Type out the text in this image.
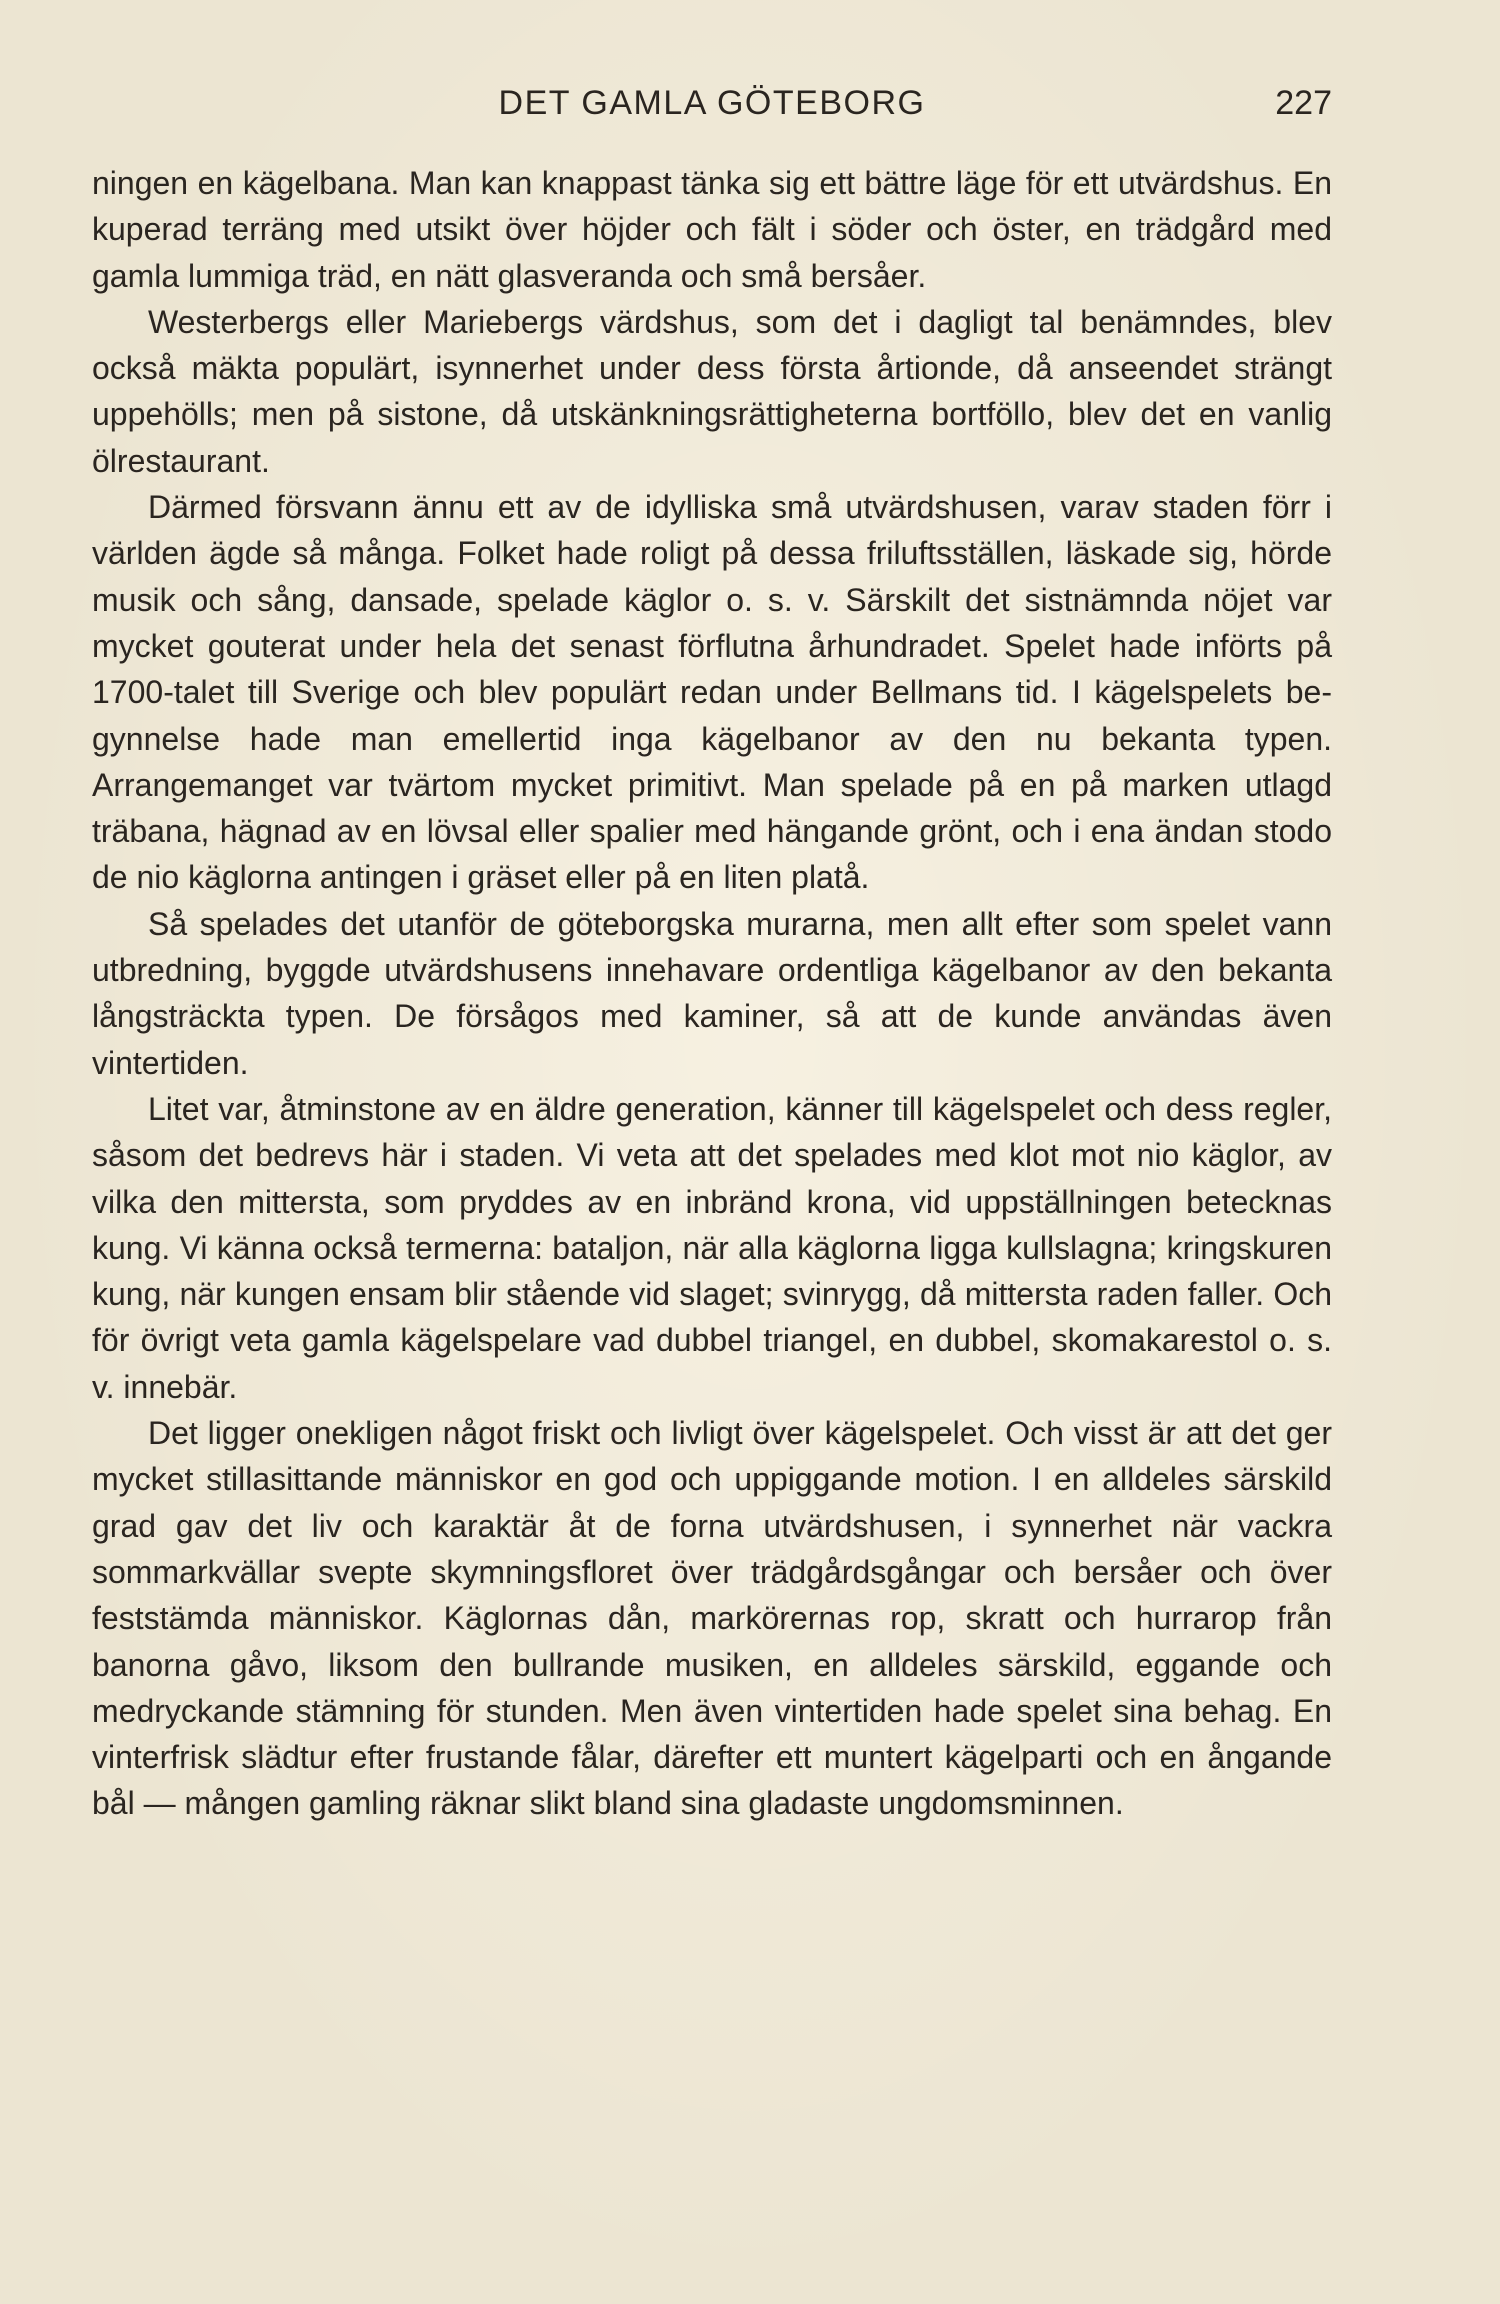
DET GAMLA GÖTEBORG	227

ningen en kägelbana. Man kan knappast tänka sig ett bättre läge för ett utvärdshus. En kuperad terräng med utsikt över höjder och fält i söder och öster, en trädgård med gamla lummiga träd, en nätt glasveranda och små bersåer.

Westerbergs eller Mariebergs värdshus, som det i dagligt tal benämndes, blev också mäkta populärt, isynnerhet under dess första årtionde, då anseendet strängt uppehölls; men på sistone, då utskänkningsrättigheterna bortföllo, blev det en vanlig ölrestaurant.

Därmed försvann ännu ett av de idylliska små utvärdshusen, varav staden förr i världen ägde så många. Folket hade roligt på dessa friluftsställen, läskade sig, hörde musik och sång, dansade, spelade käglor o. s. v. Särskilt det sistnämnda nöjet var mycket gouterat under hela det senast förflutna århundradet. Spelet hade införts på 1700-talet till Sverige och blev populärt redan under Bellmans tid. I kägelspelets begynnelse hade man emellertid inga kägelbanor av den nu bekanta typen. Arrangemanget var tvärtom mycket primitivt. Man spelade på en på marken utlagd träbana, hägnad av en lövsal eller spalier med hängande grönt, och i ena ändan stodo de nio käglorna antingen i gräset eller på en liten platå.

Så spelades det utanför de göteborgska murarna, men allt efter som spelet vann utbredning, byggde utvärdshusens innehavare ordentliga kägelbanor av den bekanta långsträckta typen. De försågos med kaminer, så att de kunde användas även vintertiden.

Litet var, åtminstone av en äldre generation, känner till kägelspelet och dess regler, såsom det bedrevs här i staden. Vi veta att det spelades med klot mot nio käglor, av vilka den mittersta, som pryddes av en inbränd krona, vid uppställningen betecknas kung. Vi känna också termerna: bataljon, när alla käglorna ligga kullslagna; kringskuren kung, när kungen ensam blir stående vid slaget; svinrygg, då mittersta raden faller. Och för övrigt veta gamla kägelspelare vad dubbel triangel, en dubbel, skomakarestol o. s. v. innebär.

Det ligger onekligen något friskt och livligt över kägelspelet. Och visst är att det ger mycket stillasittande människor en god och uppiggande motion. I en alldeles särskild grad gav det liv och karaktär åt de forna utvärdshusen, i synnerhet när vackra sommarkvällar svepte skymningsfloret över trädgårdsgångar och bersåer och över feststämda människor. Käglornas dån, markörernas rop, skratt och hurrarop från banorna gåvo, liksom den bullrande musiken, en alldeles särskild, eggande och medryckande stämning för stunden. Men även vintertiden hade spelet sina behag. En vinterfrisk slädtur efter frustande fålar, därefter ett muntert kägelparti och en ångande bål — mången gamling räknar slikt bland sina gladaste ungdomsminnen.
